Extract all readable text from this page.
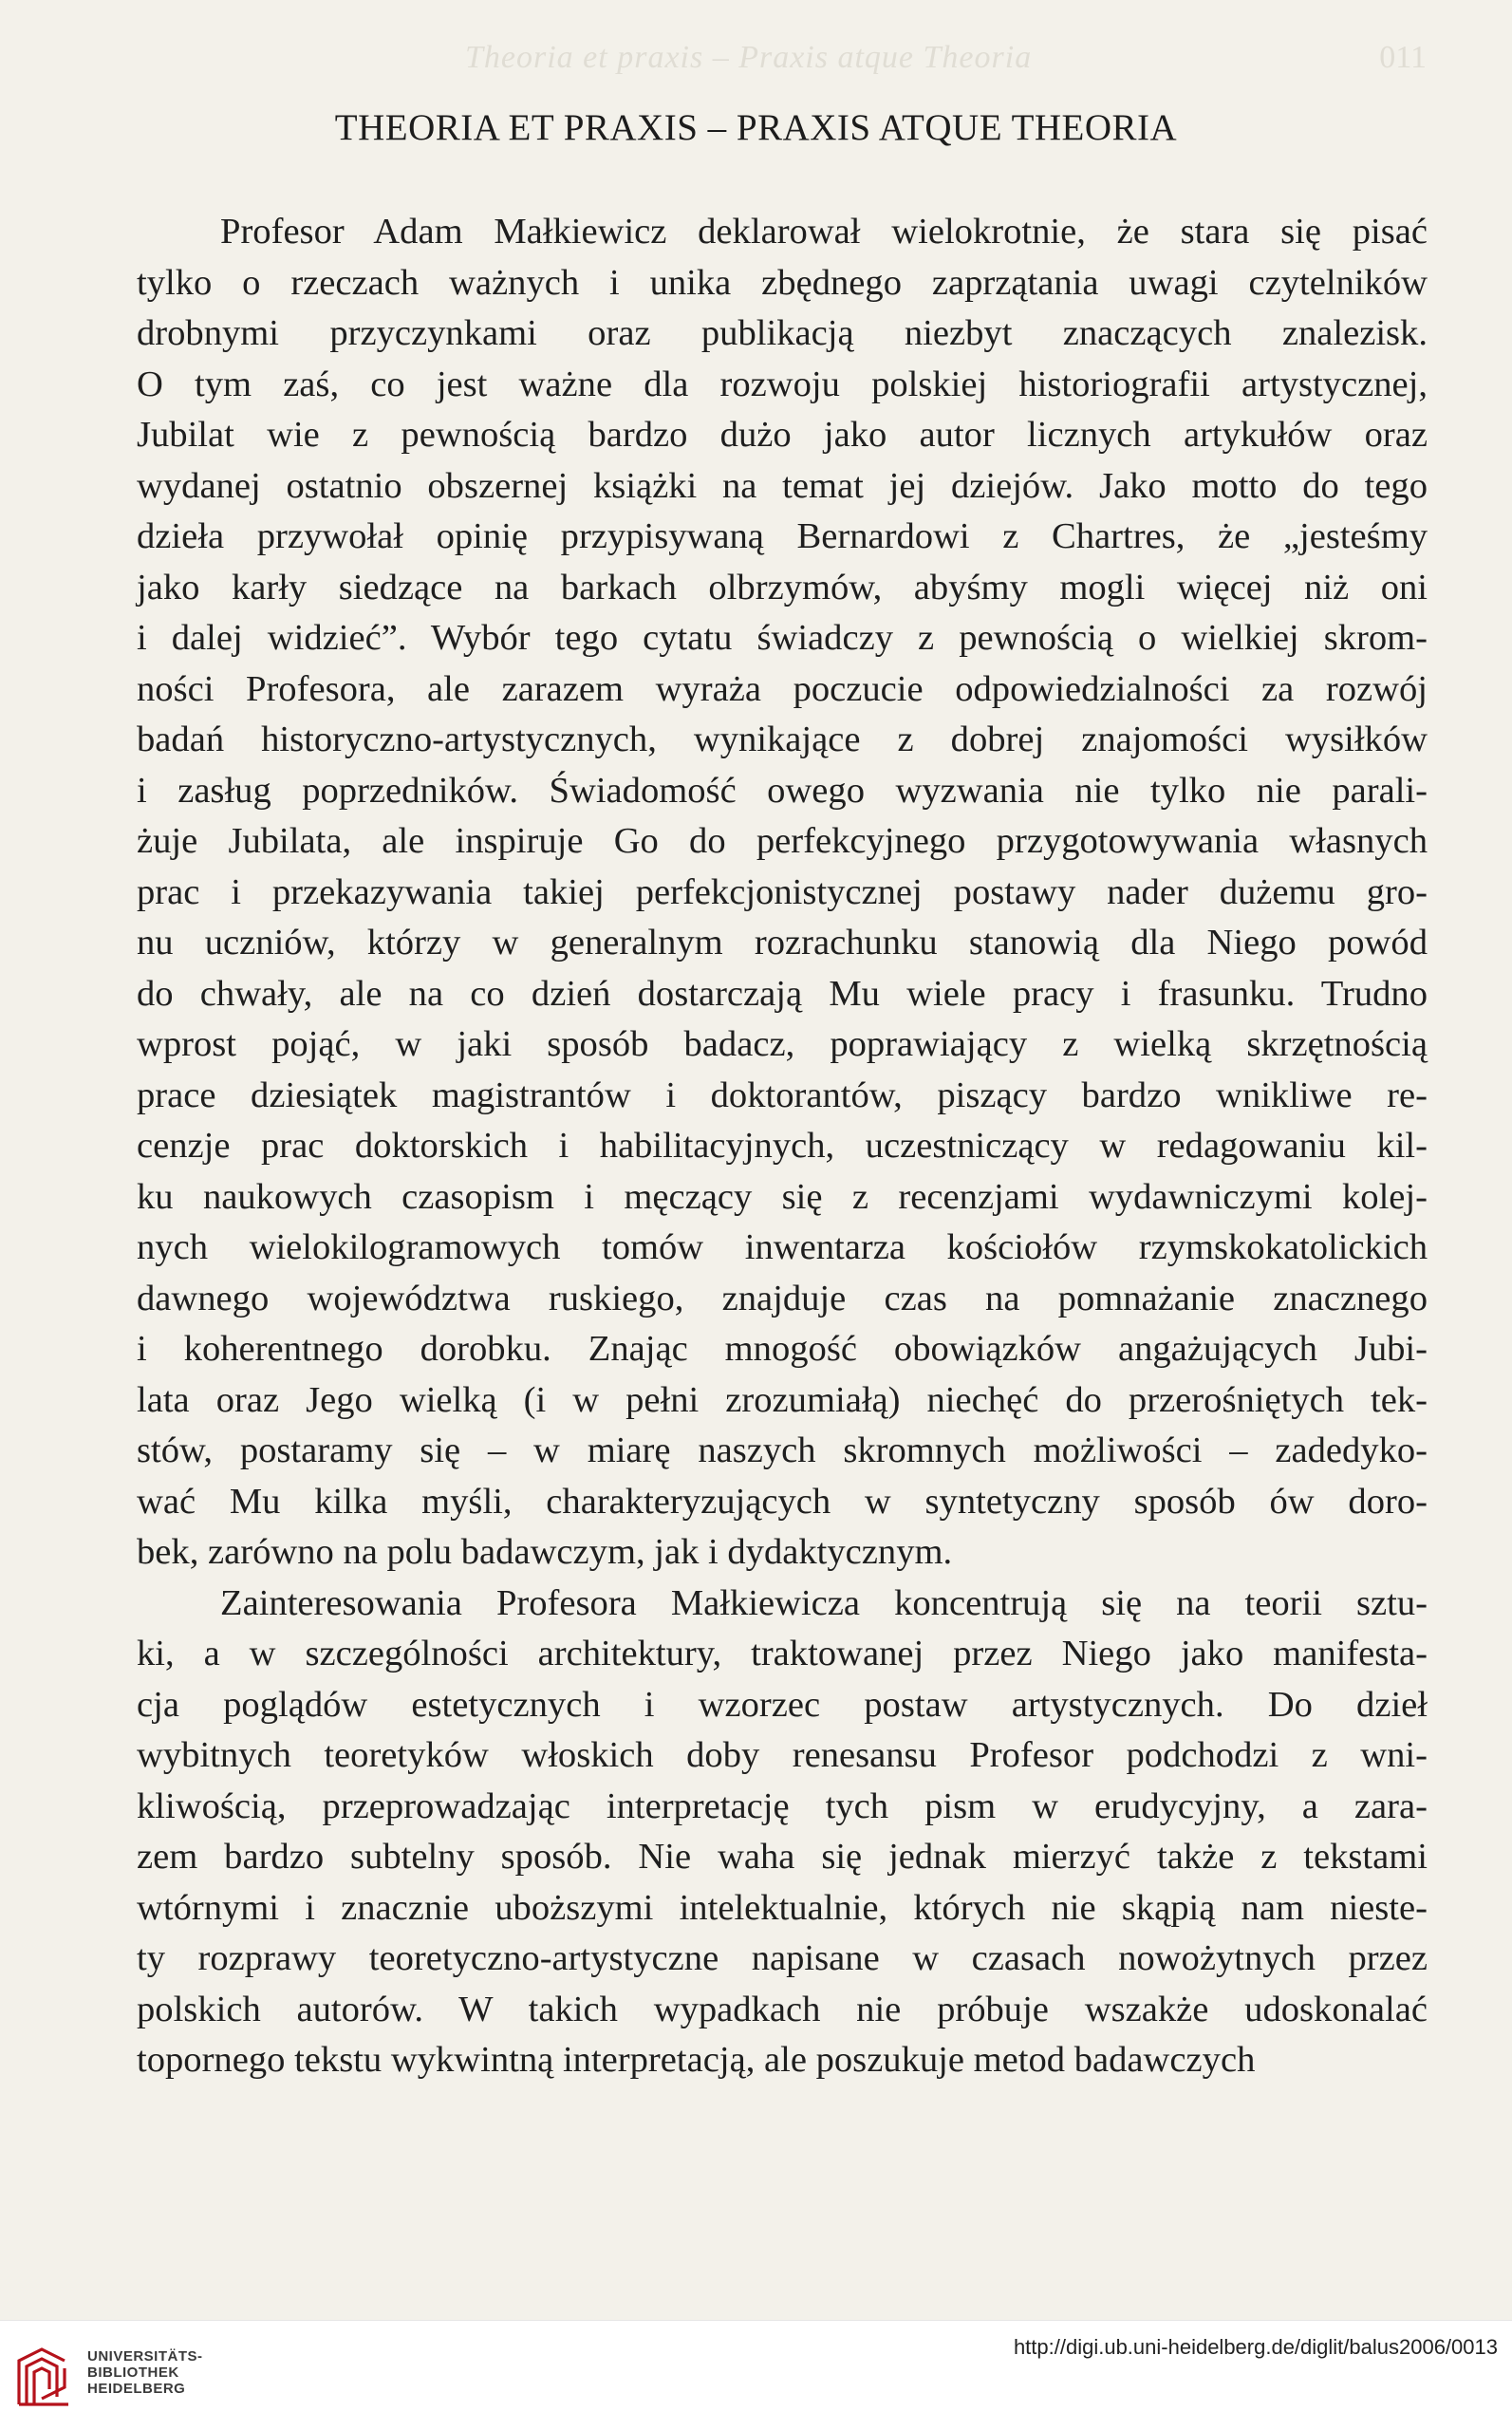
Theoria et praxis – Praxis atque Theoria	011
THEORIA ET PRAXIS – PRAXIS ATQUE THEORIA

Profesor Adam Małkiewicz deklarował wielokrotnie, że stara się pisać
tylko o rzeczach ważnych i unika zbędnego zaprzątania uwagi czytelników
drobnymi przyczynkami oraz publikacją niezbyt znaczących znalezisk.
O tym zaś, co jest ważne dla rozwoju polskiej historiografii artystycznej,
Jubilat wie z pewnością bardzo dużo jako autor licznych artykułów oraz
wydanej ostatnio obszernej książki na temat jej dziejów. Jako motto do tego
dzieła przywołał opinię przypisywaną Bernardowi z Chartres, że „jesteśmy
jako karły siedzące na barkach olbrzymów, abyśmy mogli więcej niż oni
i dalej widzieć”. Wybór tego cytatu świadczy z pewnością o wielkiej skrom-
ności Profesora, ale zarazem wyraża poczucie odpowiedzialności za rozwój
badań historyczno-artystycznych, wynikające z dobrej znajomości wysiłków
i zasług poprzedników. Świadomość owego wyzwania nie tylko nie parali-
żuje Jubilata, ale inspiruje Go do perfekcyjnego przygotowywania własnych
prac i przekazywania takiej perfekcjonistycznej postawy nader dużemu gro-
nu uczniów, którzy w generalnym rozrachunku stanowią dla Niego powód
do chwały, ale na co dzień dostarczają Mu wiele pracy i frasunku. Trudno
wprost pojąć, w jaki sposób badacz, poprawiający z wielką skrzętnością
prace dziesiątek magistrantów i doktorantów, piszący bardzo wnikliwe re-
cenzje prac doktorskich i habilitacyjnych, uczestniczący w redagowaniu kil-
ku naukowych czasopism i męczący się z recenzjami wydawniczymi kolej-
nych wielokilogramowych tomów inwentarza kościołów rzymskokatolickich
dawnego województwa ruskiego, znajduje czas na pomnażanie znacznego
i koherentnego dorobku. Znając mnogość obowiązków angażujących Jubi-
lata oraz Jego wielką (i w pełni zrozumiałą) niechęć do przerośniętych tek-
stów, postaramy się – w miarę naszych skromnych możliwości – zadedyko-
wać Mu kilka myśli, charakteryzujących w syntetyczny sposób ów doro-
bek, zarówno na polu badawczym, jak i dydaktycznym.

Zainteresowania Profesora Małkiewicza koncentrują się na teorii sztu-
ki, a w szczególności architektury, traktowanej przez Niego jako manifesta-
cja poglądów estetycznych i wzorzec postaw artystycznych. Do dzieł
wybitnych teoretyków włoskich doby renesansu Profesor podchodzi z wni-
kliwością, przeprowadzając interpretację tych pism w erudycyjny, a zara-
zem bardzo subtelny sposób. Nie waha się jednak mierzyć także z tekstami
wtórnymi i znacznie uboższymi intelektualnie, których nie skąpią nam niestе-
ty rozprawy teoretyczno-artystyczne napisane w czasach nowożytnych przez
polskich autorów. W takich wypadkach nie próbuje wszakże udoskonalać
topornego tekstu wykwintną interpretacją, ale poszukuje metod badawczych

UNIVERSITÄTS-
BIBLIOTHEK
HEIDELBERG
http://digi.ub.uni-heidelberg.de/diglit/balus2006/0013
